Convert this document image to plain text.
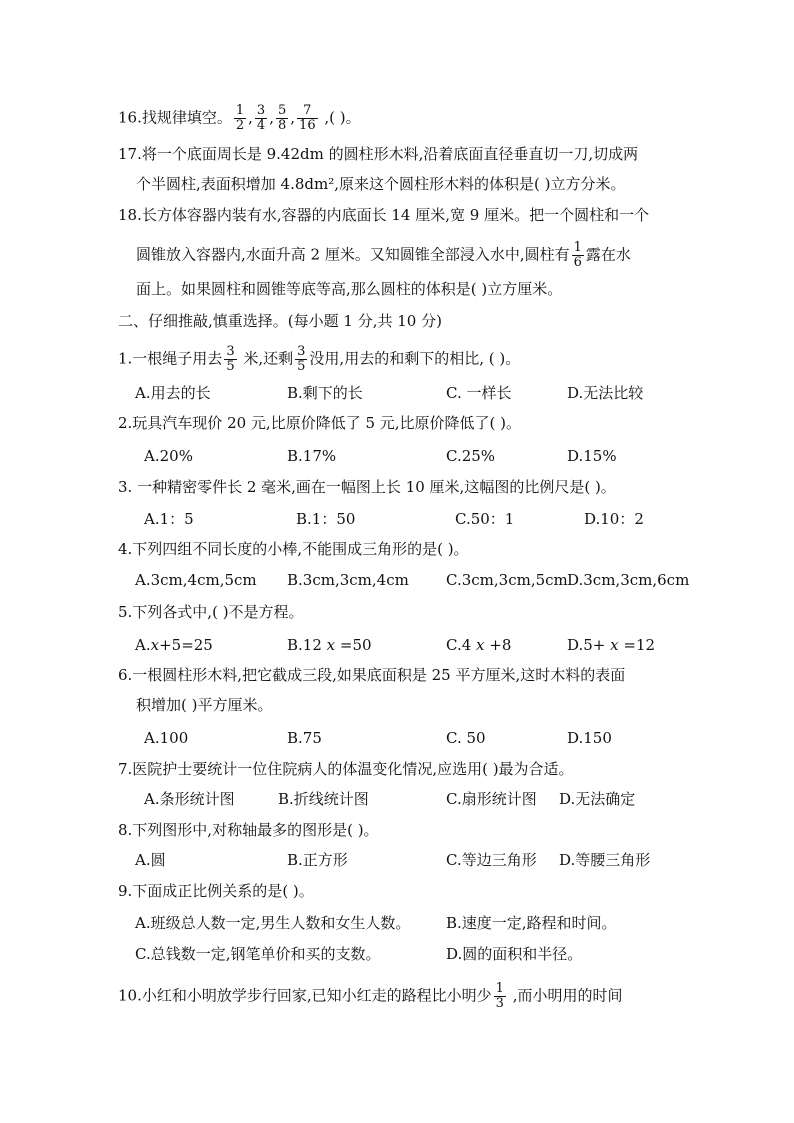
16.找规律填空。 $\frac{1}{2}$ , $\frac{3}{4}$ , $\frac{5}{8}$ , $\frac{7}{16}$ ,( )。
17.将一个底面周长是 9.42dm 的圆柱形木料,沿着底面直径垂直切一刀,切成两
个半圆柱,表面积增加 4.8dm²,原来这个圆柱形木料的体积是( )立方分米。
18.长方体容器内装有水,容器的内底面长 14 厘米,宽 9 厘米。把一个圆柱和一个
圆锥放入容器内,水面升高 2 厘米。又知圆锥全部浸入水中,圆柱有 $\frac{1}{6}$ 露在水
面上。如果圆柱和圆锥等底等高,那么圆柱的体积是( )立方厘米。
二、仔细推敲,慎重选择。(每小题 1 分,共 10 分)
1.一根绳子用去 $\frac{3}{5}$ 米,还剩 $\frac{3}{5}$ 没用,用去的和剩下的相比, ( )。
A.用去的长	B.剩下的长	C. 一样长	D.无法比较
2.玩具汽车现价 20 元,比原价降低了 5 元,比原价降低了( )。
A.20%	B.17%	C.25%	D.15%
3. 一种精密零件长 2 毫米,画在一幅图上长 10 厘米,这幅图的比例尺是( )。
A.1：5	B.1：50	C.50：1	D.10：2
4.下列四组不同长度的小棒,不能围成三角形的是( )。
A.3cm,4cm,5cm B.3cm,3cm,4cm C.3cm,3cm,5cm D.3cm,3cm,6cm
5.下列各式中,( )不是方程。
A.x+5=25	B.12 x =50	C.4 x +8	D.5+ x =12
6.一根圆柱形木料,把它截成三段,如果底面积是 25 平方厘米,这时木料的表面
积增加( )平方厘米。
A.100	B.75	C. 50	D.150
7.医院护士要统计一位住院病人的体温变化情况,应选用( )最为合适。
A.条形统计图	B.折线统计图	C.扇形统计图 D.无法确定
8.下列图形中,对称轴最多的图形是( )。
A.圆	B.正方形	C.等边三角形 D.等腰三角形
9.下面成正比例关系的是( )。
A.班级总人数一定,男生人数和女生人数。 B.速度一定,路程和时间。
C.总钱数一定,钢笔单价和买的支数。	D.圆的面积和半径。
10.小红和小明放学步行回家,已知小红走的路程比小明少 $\frac{1}{3}$ ,而小明用的时间
